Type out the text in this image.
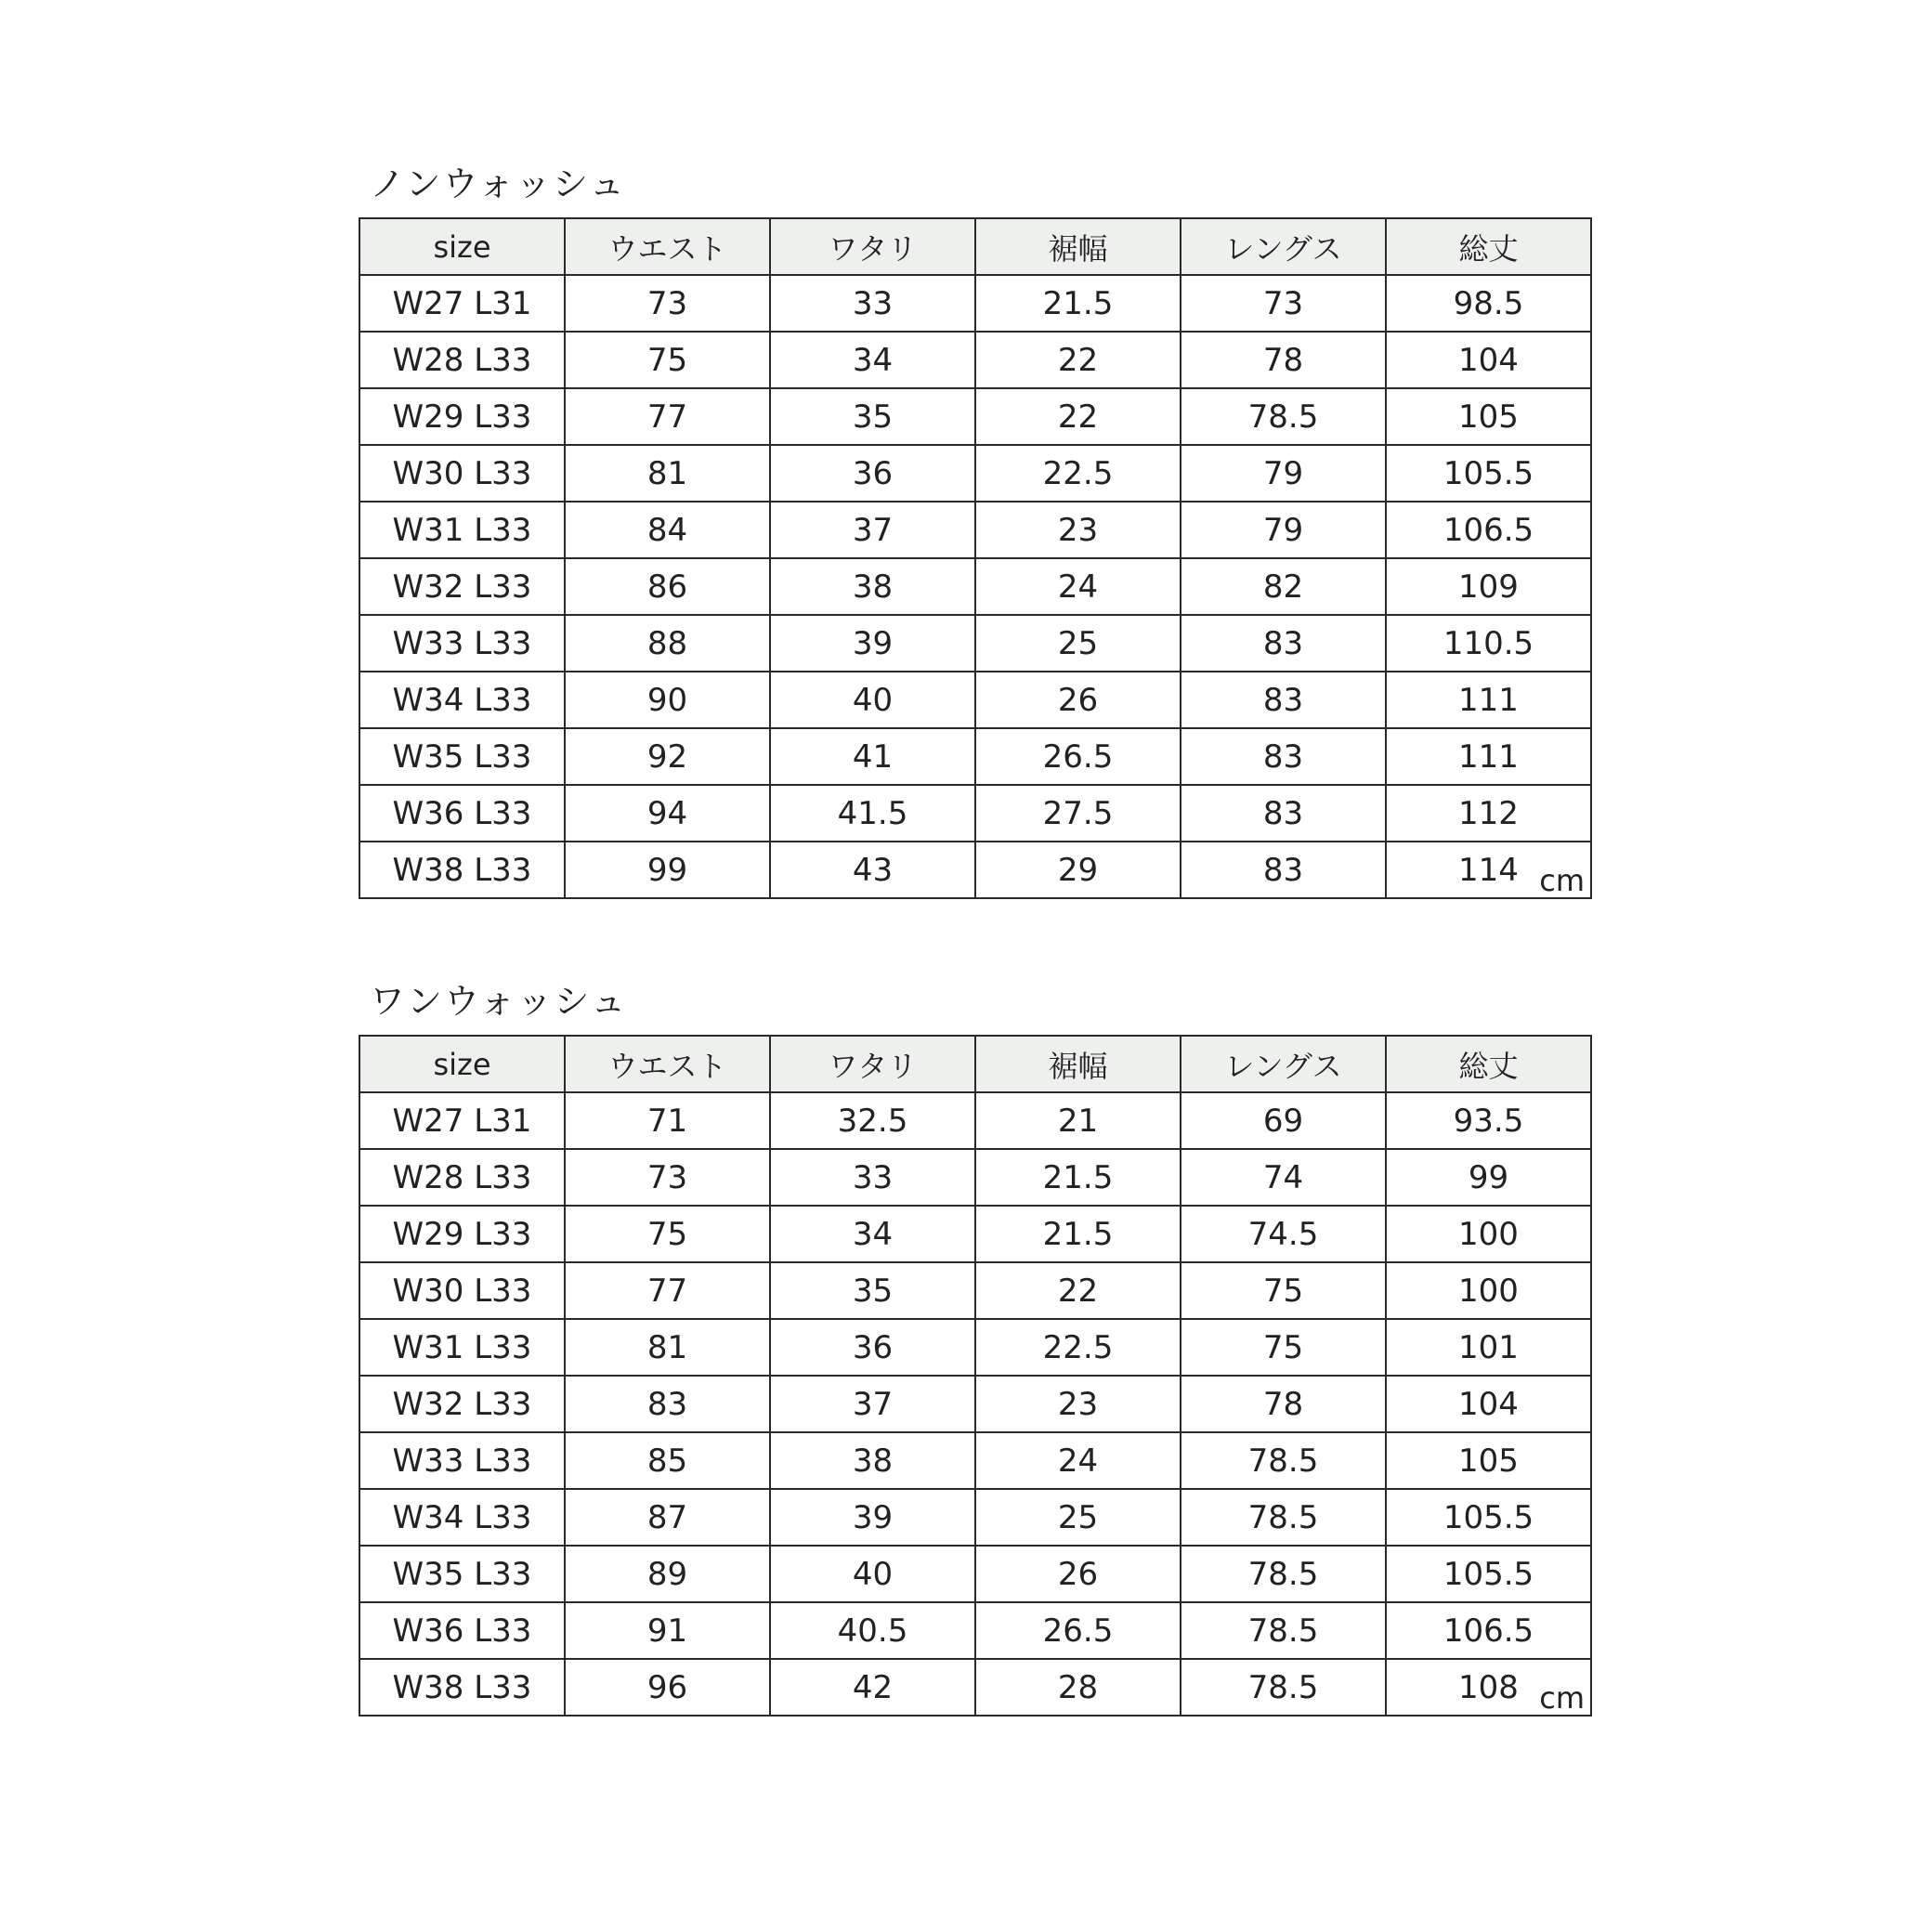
ノンウォッシュ
size	ウエスト	ワタリ	裾幅	レングス	総丈
W27 L31	73	33	21.5	73	98.5
W28 L33	75	34	22	78	104
W29 L33	77	35	22	78.5	105
W30 L33	81	36	22.5	79	105.5
W31 L33	84	37	23	79	106.5
W32 L33	86	38	24	82	109
W33 L33	88	39	25	83	110.5
W34 L33	90	40	26	83	111
W35 L33	92	41	26.5	83	111
W36 L33	94	41.5	27.5	83	112
W38 L33	99	43	29	83	114 cm
ワンウォッシュ
size	ウエスト	ワタリ	裾幅	レングス	総丈
W27 L31	71	32.5	21	69	93.5
W28 L33	73	33	21.5	74	99
W29 L33	75	34	21.5	74.5	100
W30 L33	77	35	22	75	100
W31 L33	81	36	22.5	75	101
W32 L33	83	37	23	78	104
W33 L33	85	38	24	78.5	105
W34 L33	87	39	25	78.5	105.5
W35 L33	89	40	26	78.5	105.5
W36 L33	91	40.5	26.5	78.5	106.5
W38 L33	96	42	28	78.5	108 cm
